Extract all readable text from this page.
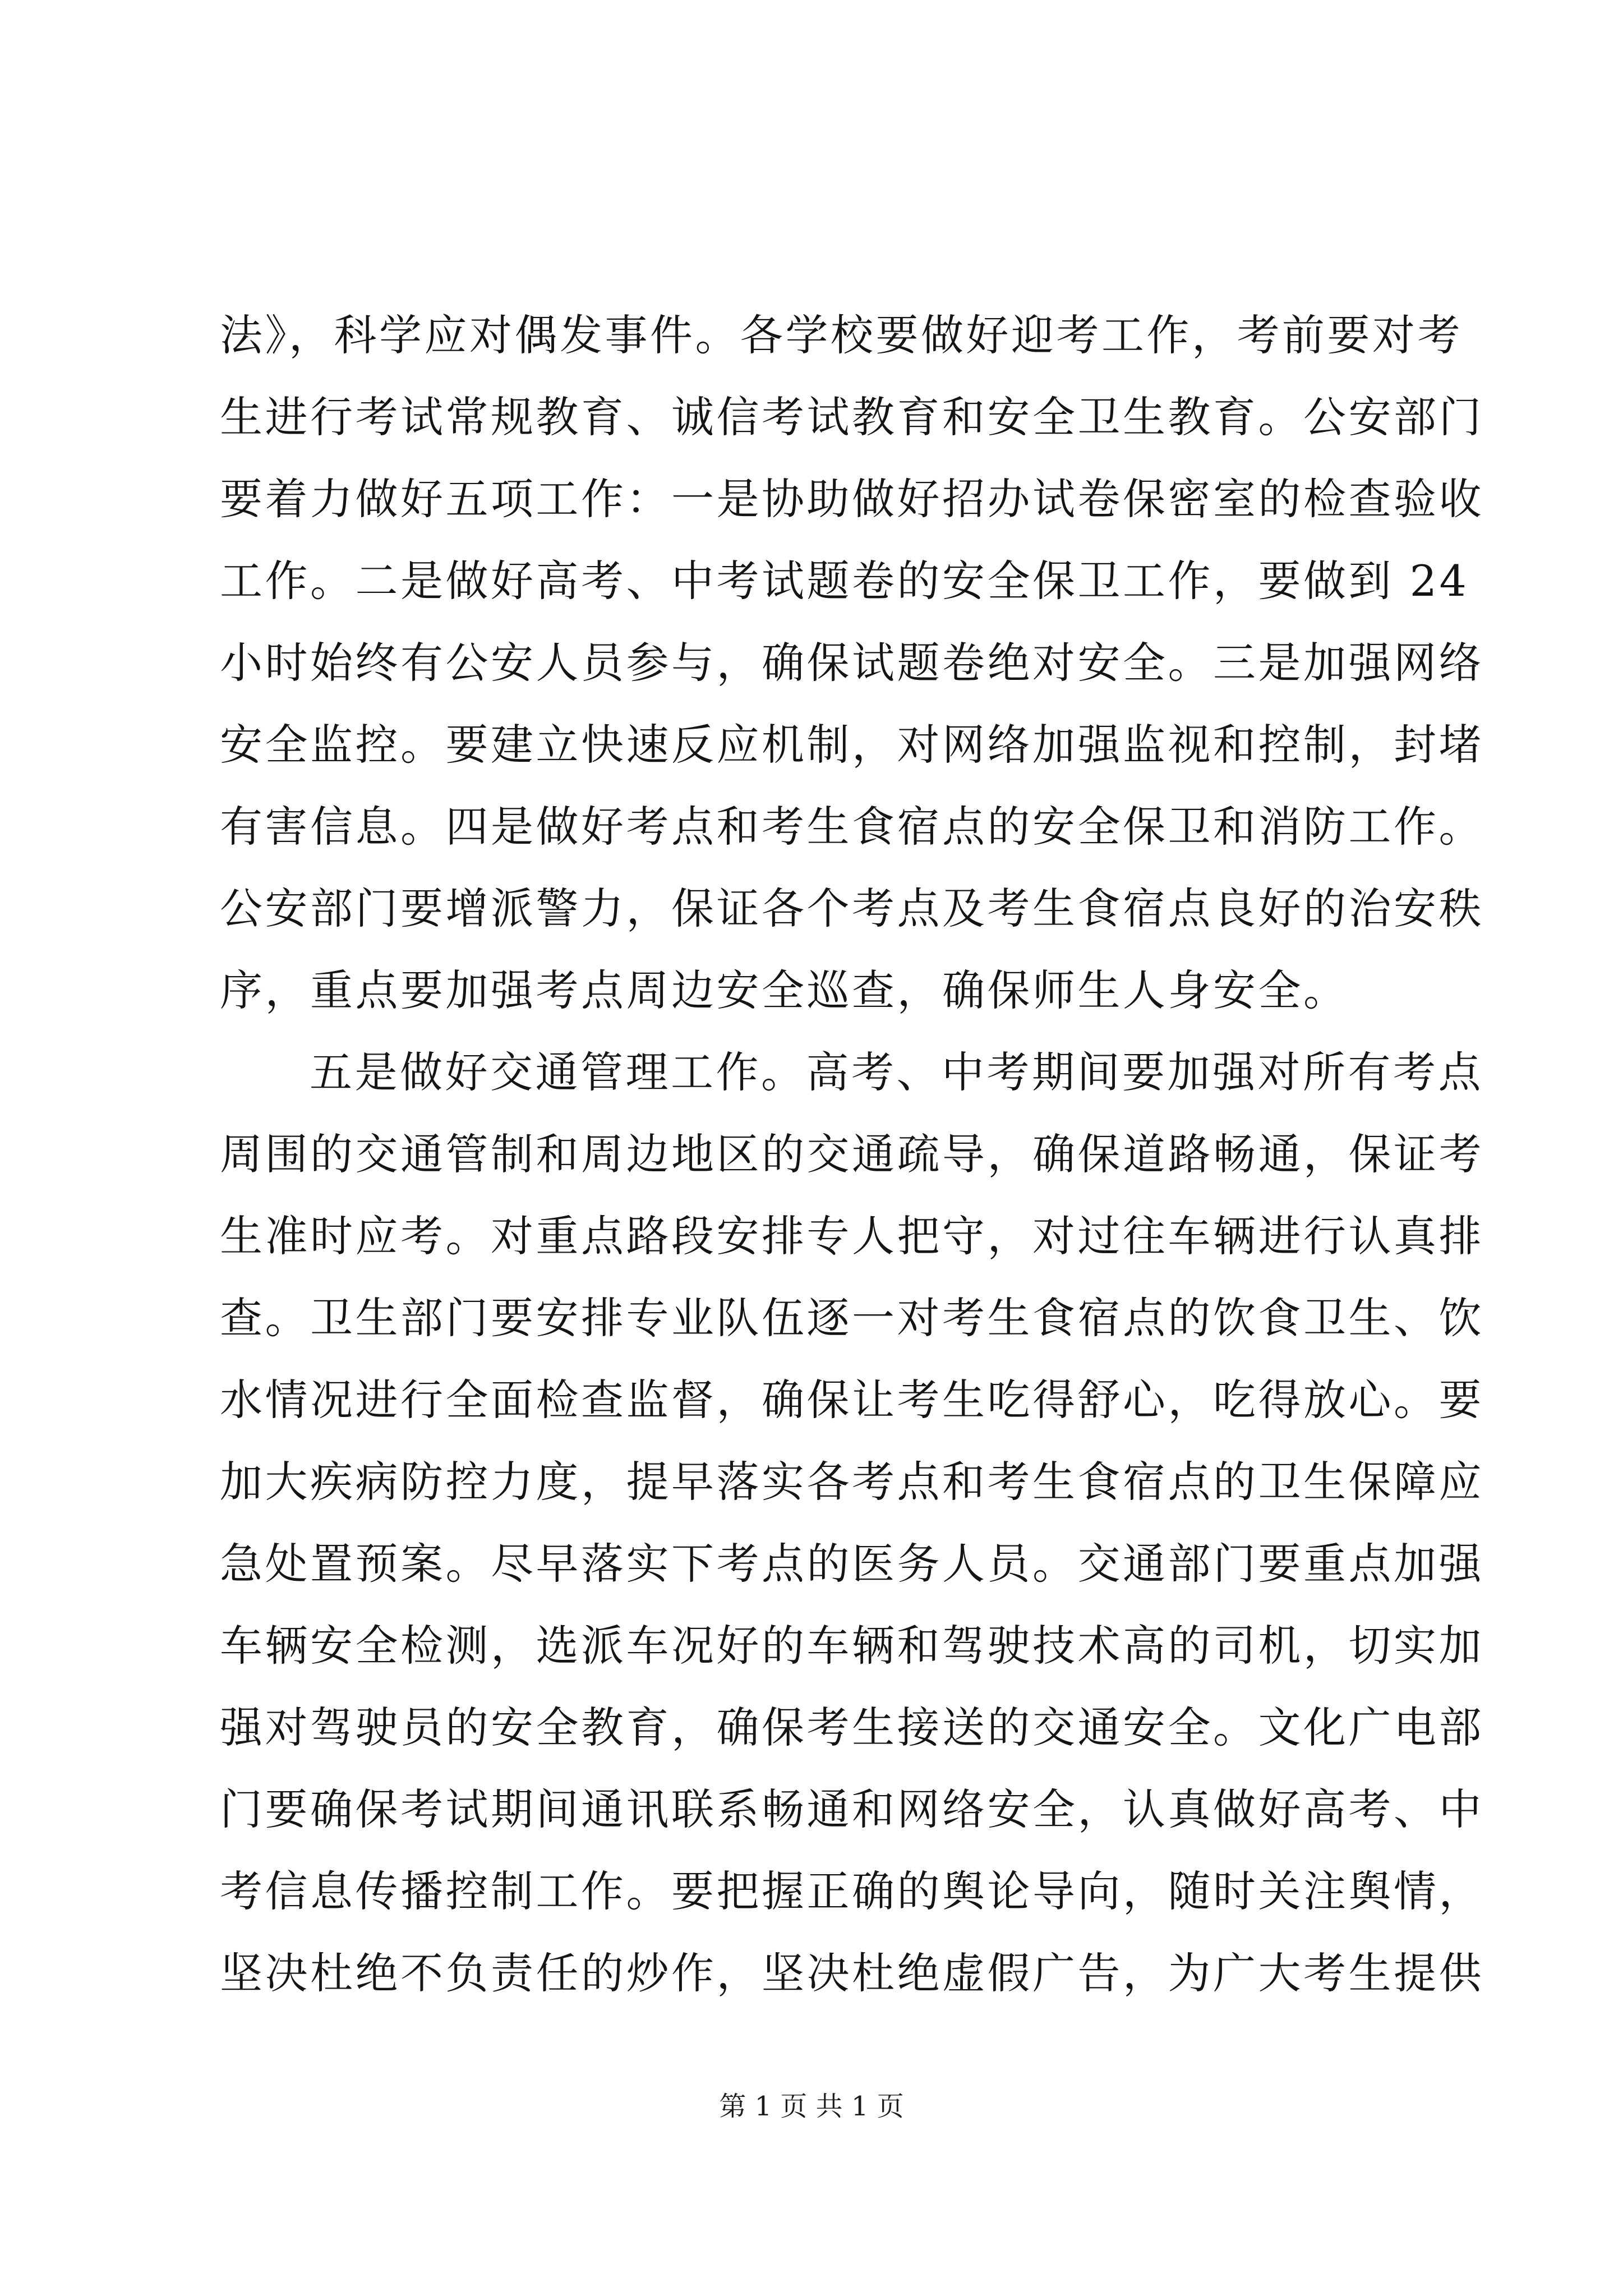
法》，科学应对偶发事件。各学校要做好迎考工作，考前要对考
生进行考试常规教育、诚信考试教育和安全卫生教育。公安部门
要着力做好五项工作：一是协助做好招办试卷保密室的检查验收
工作。二是做好高考、中考试题卷的安全保卫工作，要做到 24
小时始终有公安人员参与，确保试题卷绝对安全。三是加强网络
安全监控。要建立快速反应机制，对网络加强监视和控制，封堵
有害信息。四是做好考点和考生食宿点的安全保卫和消防工作。
公安部门要增派警力，保证各个考点及考生食宿点良好的治安秩
序，重点要加强考点周边安全巡查，确保师生人身安全。
五是做好交通管理工作。高考、中考期间要加强对所有考点
周围的交通管制和周边地区的交通疏导，确保道路畅通，保证考
生准时应考。对重点路段安排专人把守，对过往车辆进行认真排
查。卫生部门要安排专业队伍逐一对考生食宿点的饮食卫生、饮
水情况进行全面检查监督，确保让考生吃得舒心，吃得放心。要
加大疾病防控力度，提早落实各考点和考生食宿点的卫生保障应
急处置预案。尽早落实下考点的医务人员。交通部门要重点加强
车辆安全检测，选派车况好的车辆和驾驶技术高的司机，切实加
强对驾驶员的安全教育，确保考生接送的交通安全。文化广电部
门要确保考试期间通讯联系畅通和网络安全，认真做好高考、中
考信息传播控制工作。要把握正确的舆论导向，随时关注舆情，
坚决杜绝不负责任的炒作，坚决杜绝虚假广告，为广大考生提供
第 1 页 共 1 页
